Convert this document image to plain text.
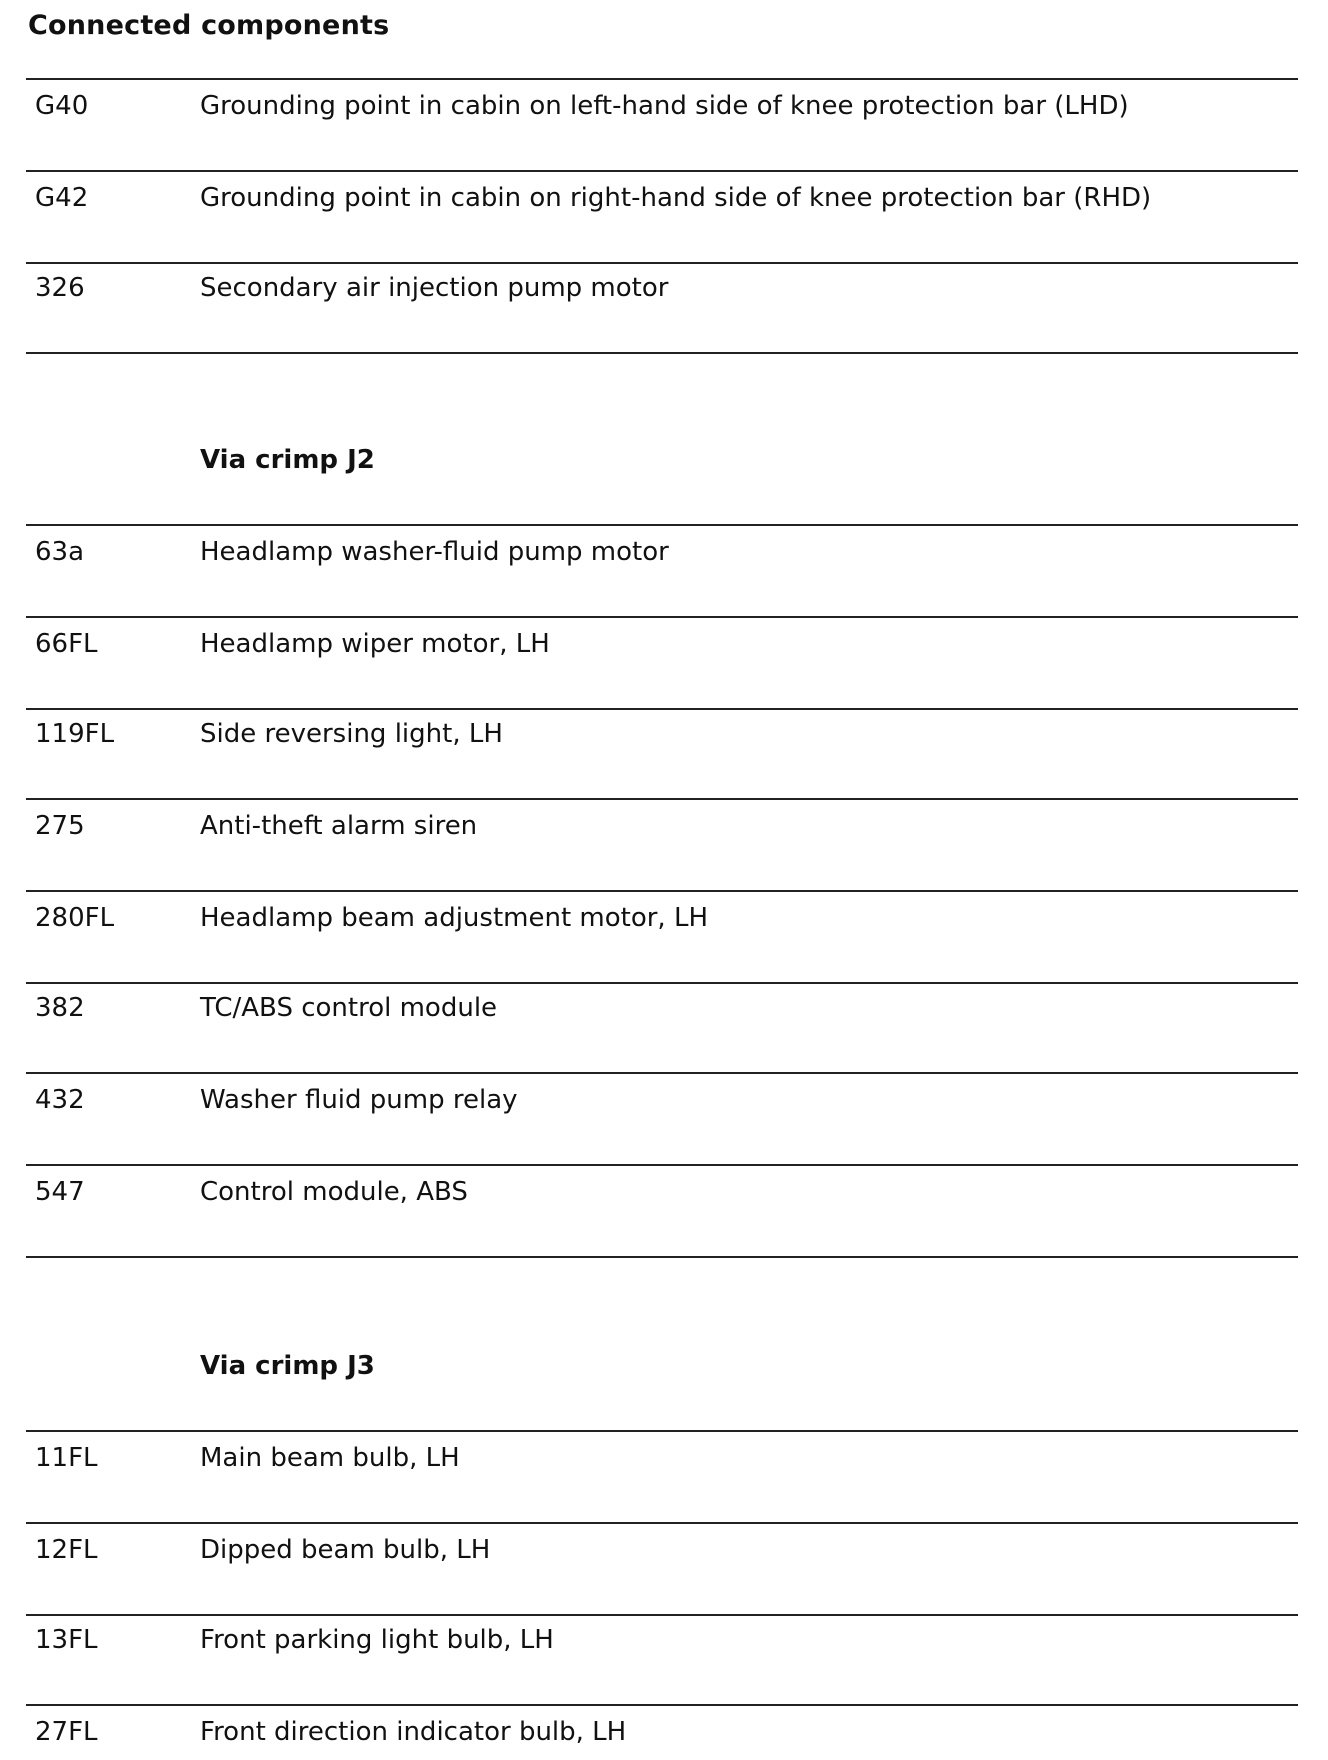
Connected components
G40	Grounding point in cabin on left-hand side of knee protection bar (LHD)
G42	Grounding point in cabin on right-hand side of knee protection bar (RHD)
326	Secondary air injection pump motor
Via crimp J2
63a	Headlamp washer-fluid pump motor
66FL	Headlamp wiper motor, LH
119FL	Side reversing light, LH
275	Anti-theft alarm siren
280FL	Headlamp beam adjustment motor, LH
382	TC/ABS control module
432	Washer fluid pump relay
547	Control module, ABS
Via crimp J3
11FL	Main beam bulb, LH
12FL	Dipped beam bulb, LH
13FL	Front parking light bulb, LH
27FL	Front direction indicator bulb, LH
